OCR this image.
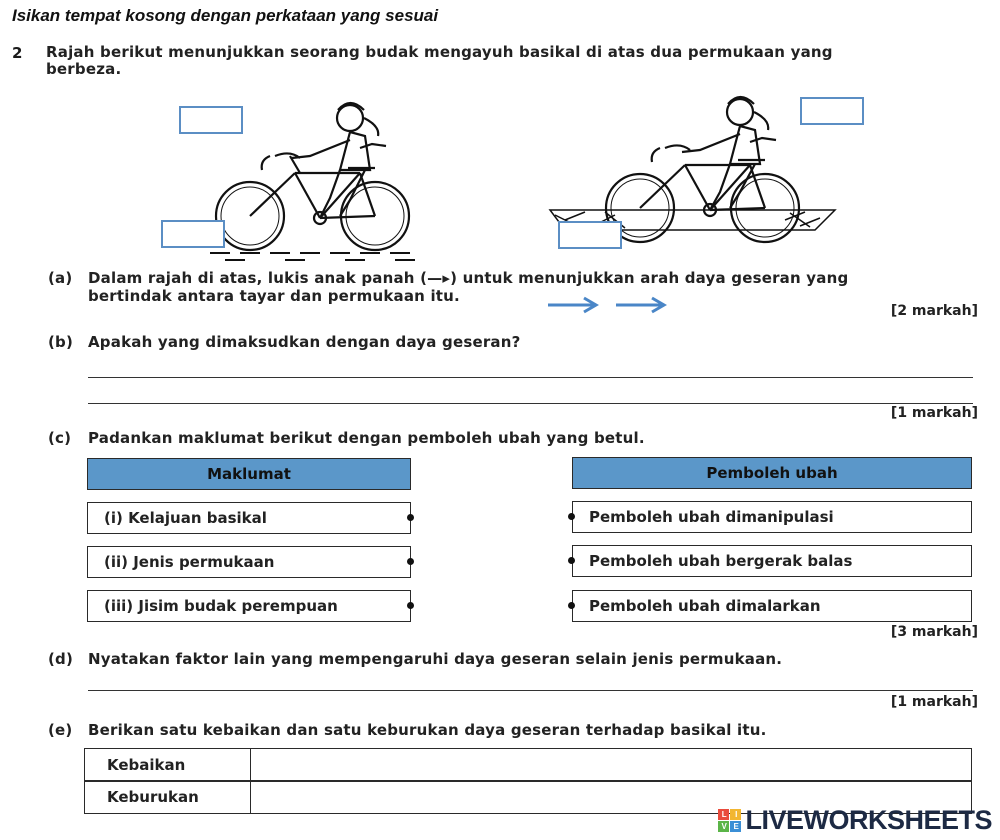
Isikan tempat kosong dengan perkataan yang sesuai
2 Rajah berikut menunjukkan seorang budak mengayuh basikal di atas dua permukaan yang
berbeza.
(a) Dalam rajah di atas, lukis anak panah (—▸) untuk menunjukkan arah daya geseran yang
bertindak antara tayar dan permukaan itu.
[2 markah]
(b) Apakah yang dimaksudkan dengan daya geseran?
[1 markah]
(c) Padankan maklumat berikut dengan pemboleh ubah yang betul.
Maklumat	Pemboleh ubah
(i) Kelajuan basikal
(ii) Jenis permukaan
(iii) Jisim budak perempuan
Pemboleh ubah dimanipulasi
Pemboleh ubah bergerak balas
Pemboleh ubah dimalarkan
[3 markah]
(d) Nyatakan faktor lain yang mempengaruhi daya geseran selain jenis permukaan.
[1 markah]
(e) Berikan satu kebaikan dan satu keburukan daya geseran terhadap basikal itu.
Kebaikan
Keburukan
L	I
V E LIVEWORKSHEETS
